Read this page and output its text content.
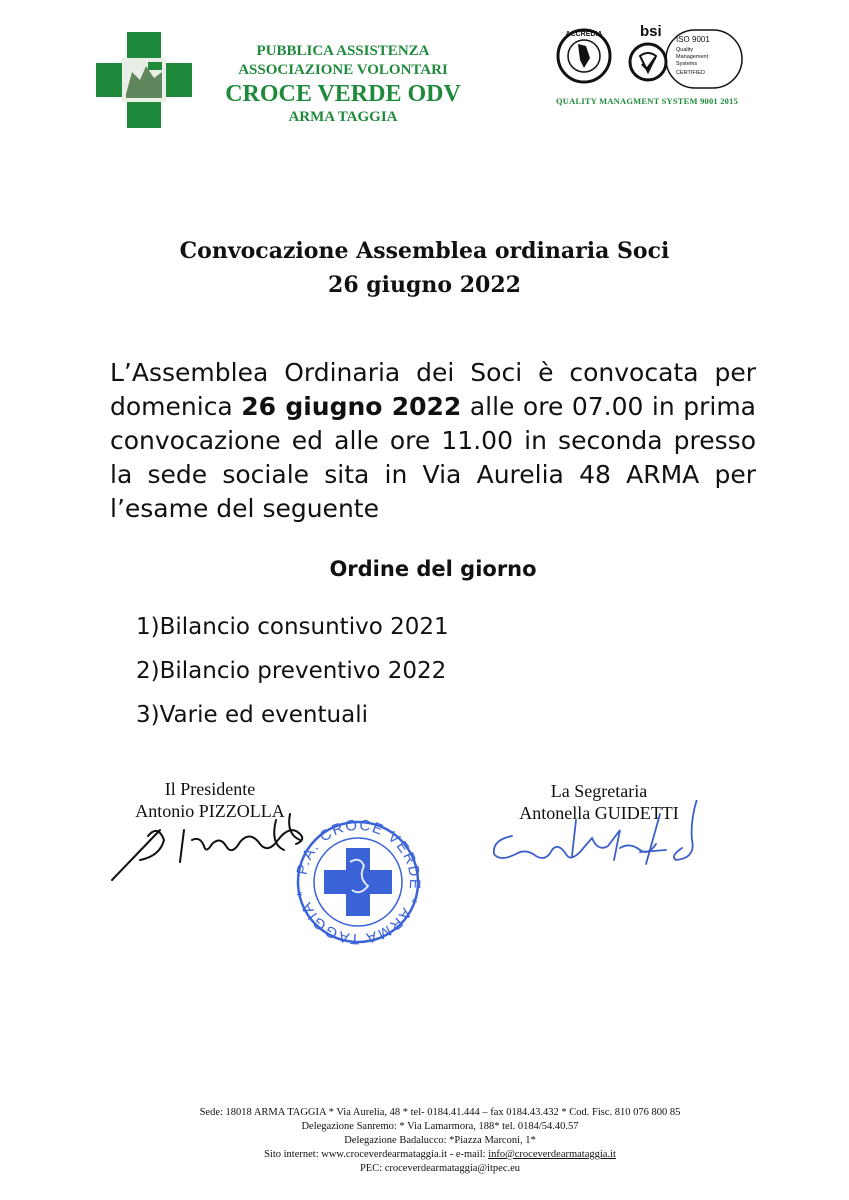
PUBBLICA ASSISTENZA
ASSOCIAZIONE VOLONTARI
CROCE VERDE ODV
ARMA TAGGIA
ACCREDIA	bsi ISO 9001
Quality
Management
Systems
CERTIFIED
QUALITY MANAGMENT SYSTEM 9001 2015
Convocazione Assemblea ordinaria Soci
26 giugno 2022
L’Assemblea Ordinaria dei Soci è convocata per domenica 26 giugno 2022 alle ore 07.00 in prima convocazione ed alle ore 11.00 in seconda presso la sede sociale sita in Via Aurelia 48 ARMA per l’esame del seguente
Ordine del giorno
1)Bilancio consuntivo 2021
2)Bilancio preventivo 2022
3)Varie ed eventuali
Il Presidente
Antonio PIZZOLLA
La Segretaria
Antonella GUIDETTI
P.A. CROCE VERDE * ARMA TAGGIA *
Sede: 18018 ARMA TAGGIA * Via Aurelia, 48 * tel- 0184.41.444 – fax 0184.43.432 * Cod. Fisc. 810 076 800 85
Delegazione Sanremo: * Via Lamarmora, 188* tel. 0184/54.40.57
Delegazione Badalucco: *Piazza Marconi, 1*
Sito internet: www.croceverdearmataggia.it - e-mail: info@croceverdearmataggia.it
PEC: croceverdearmataggia@itpec.eu
